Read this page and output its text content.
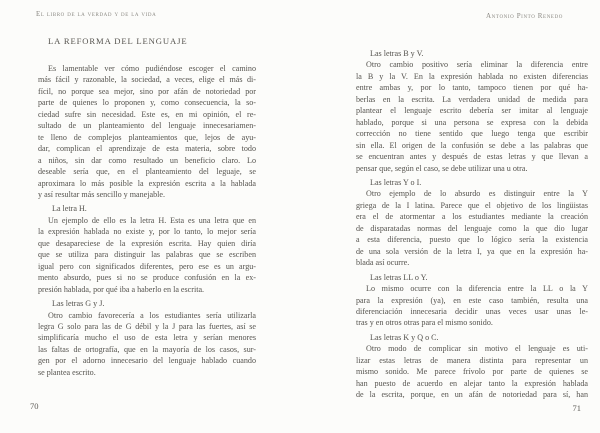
El libro de la verdad y de la vida
LA REFORMA DEL LENGUAJE
Es lamentable ver cómo pudiéndose escoger el camino
más fácil y razonable, la sociedad, a veces, elige el más di-
fícil, no porque sea mejor, sino por afán de notoriedad por
parte de quienes lo proponen y, como consecuencia, la so-
ciedad sufre sin necesidad. Este es, en mi opinión, el re-
sultado de un planteamiento del lenguaje innecesariamen-
te lleno de complejos planteamientos que, lejos de ayu-
dar, complican el aprendizaje de esta materia, sobre todo
a niños, sin dar como resultado un beneficio claro. Lo
deseable sería que, en el planteamiento del leguaje, se
aproximara lo más posible la expresión escrita a la hablada
y así resultar más sencillo y manejable.
La letra H.
Un ejemplo de ello es la letra H. Esta es una letra que en
la expresión hablada no existe y, por lo tanto, lo mejor sería
que desapareciese de la expresión escrita. Hay quien diría
que se utiliza para distinguir las palabras que se escriben
igual pero con significados diferentes, pero ese es un argu-
mento absurdo, pues si no se produce confusión en la ex-
presión hablada, por qué iba a haberlo en la escrita.
Las letras G y J.
Otro cambio favorecería a los estudiantes sería utilizarla
legra G solo para las de G débil y la J para las fuertes, así se
simplificaría mucho el uso de esta letra y serían menores
las faltas de ortografía, que en la mayoría de los casos, sur-
gen por el adorno innecesario del lenguaje hablado cuando
se plantea escrito.
70
Antonio Pinto Renedo
Las letras B y V.
Otro cambio positivo sería eliminar la diferencia entre
la B y la V. En la expresión hablada no existen diferencias
entre ambas y, por lo tanto, tampoco tienen por qué ha-
berlas en la escrita. La verdadera unidad de medida para
plantear el lenguaje escrito debería ser imitar al lenguaje
hablado, porque si una persona se expresa con la debida
corrección no tiene sentido que luego tenga que escribir
sin ella. El origen de la confusión se debe a las palabras que
se encuentran antes y después de estas letras y que llevan a
pensar que, según el caso, se debe utilizar una u otra.
Las letras Y o I.
Otro ejemplo de lo absurdo es distinguir entre la Y
griega de la I latina. Parece que el objetivo de los lingüistas
era el de atormentar a los estudiantes mediante la creación
de disparatadas normas del lenguaje como la que dio lugar
a esta diferencia, puesto que lo lógico sería la existencia
de una sola versión de la letra I, ya que en la expresión ha-
blada así ocurre.
Las letras LL o Y.
Lo mismo ocurre con la diferencia entre la LL o la Y
para la expresión (ya), en este caso también, resulta una
diferenciación innecesaria decidir unas veces usar unas le-
tras y en otros otras para el mismo sonido.
Las letras K y Q o C.
Otro modo de complicar sin motivo el lenguaje es uti-
lizar estas letras de manera distinta para representar un
mismo sonido. Me parece frívolo por parte de quienes se
han puesto de acuerdo en alejar tanto la expresión hablada
de la escrita, porque, en un afán de notoriedad para sí, han
71
